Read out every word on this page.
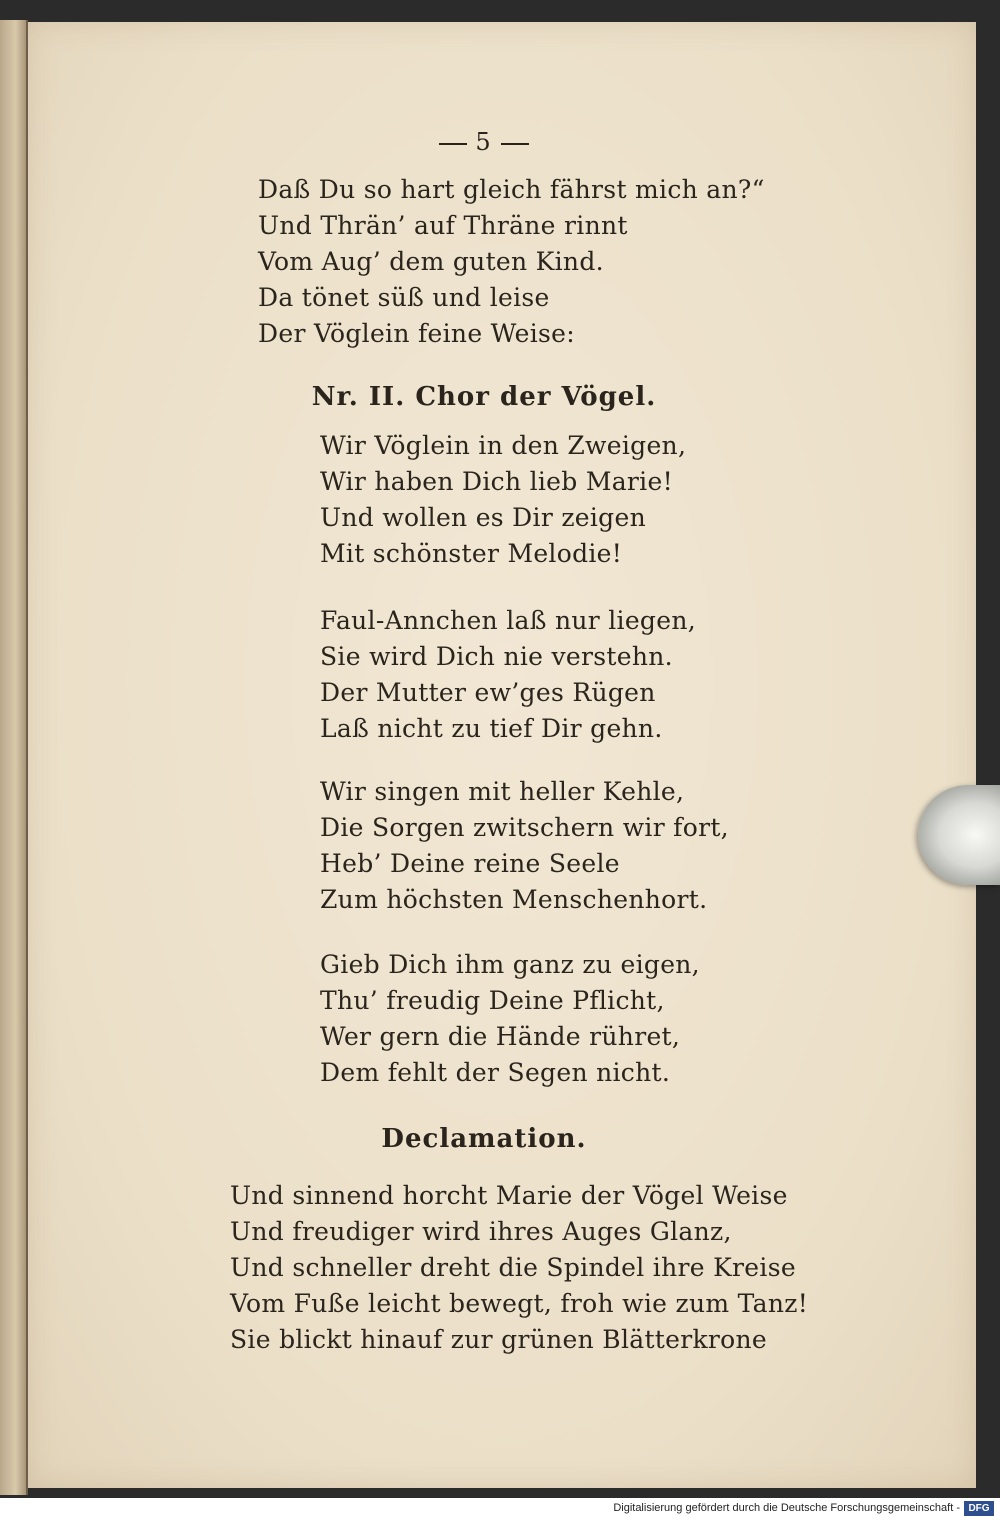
5
Daß Du so hart gleich fährst mich an?“
Und Thrän’ auf Thräne rinnt
Vom Aug’ dem guten Kind.
Da tönet süß und leise
Der Vöglein feine Weise:
Nr. II. Chor der Vögel.
Wir Vöglein in den Zweigen,
Wir haben Dich lieb Marie!
Und wollen es Dir zeigen
Mit schönster Melodie!
Faul-Annchen laß nur liegen,
Sie wird Dich nie verstehn.
Der Mutter ew’ges Rügen
Laß nicht zu tief Dir gehn.
Wir singen mit heller Kehle,
Die Sorgen zwitschern wir fort,
Heb’ Deine reine Seele
Zum höchsten Menschenhort.
Gieb Dich ihm ganz zu eigen,
Thu’ freudig Deine Pflicht,
Wer gern die Hände rühret,
Dem fehlt der Segen nicht.
Declamation.
Und sinnend horcht Marie der Vögel Weise
Und freudiger wird ihres Auges Glanz,
Und schneller dreht die Spindel ihre Kreise
Vom Fuße leicht bewegt, froh wie zum Tanz!
Sie blickt hinauf zur grünen Blätterkrone
Digitalisierung gefördert durch die Deutsche Forschungsgemeinschaft - DFG
